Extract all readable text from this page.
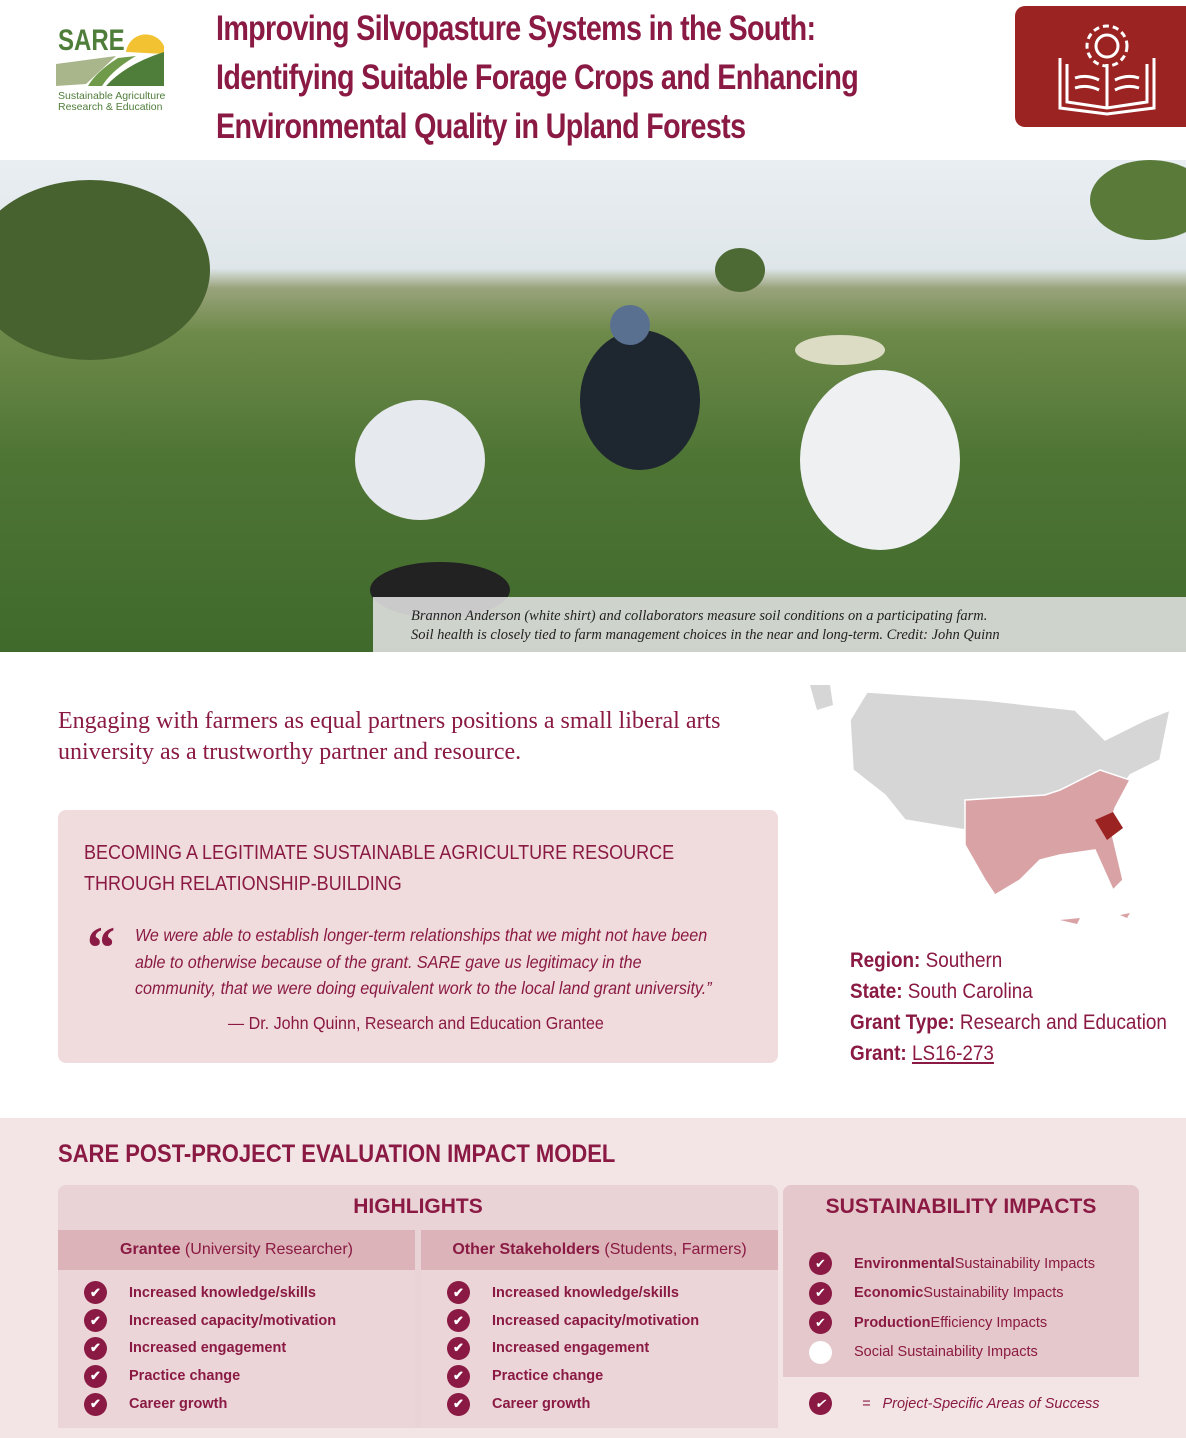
SARE
Sustainable Agriculture
Research & Education
Improving Silvopasture Systems in the South:
Identifying Suitable Forage Crops and Enhancing
Environmental Quality in Upland Forests
Brannon Anderson (white shirt) and collaborators measure soil conditions on a participating farm.
Soil health is closely tied to farm management choices in the near and long-term. Credit: John Quinn
Engaging with farmers as equal partners positions a small liberal arts university as a trustworthy partner and resource.
BECOMING A LEGITIMATE SUSTAINABLE AGRICULTURE RESOURCE THROUGH RELATIONSHIP-BUILDING
“ We were able to establish longer-term relationships that we might not have been able to otherwise because of the grant. SARE gave us legitimacy in the community, that we were doing equivalent work to the local land grant university.”
— Dr. John Quinn, Research and Education Grantee
Region: Southern
State: South Carolina
Grant Type: Research and Education
Grant: LS16-273
SARE POST-PROJECT EVALUATION IMPACT MODEL
HIGHLIGHTS
Grantee (University Researcher)
✔	Increased knowledge/skills
✔	Increased capacity/motivation
✔	Increased engagement
✔	Practice change
✔	Career growth
Other Stakeholders (Students, Farmers)
✔	Increased knowledge/skills
✔	Increased capacity/motivation
✔	Increased engagement
✔	Practice change
✔	Career growth
SUSTAINABILITY IMPACTS
✔	Environmental Sustainability Impacts
✔	Economic Sustainability Impacts
✔	Production Efficiency Impacts
Social Sustainability Impacts
✔	= Project-Specific Areas of Success
